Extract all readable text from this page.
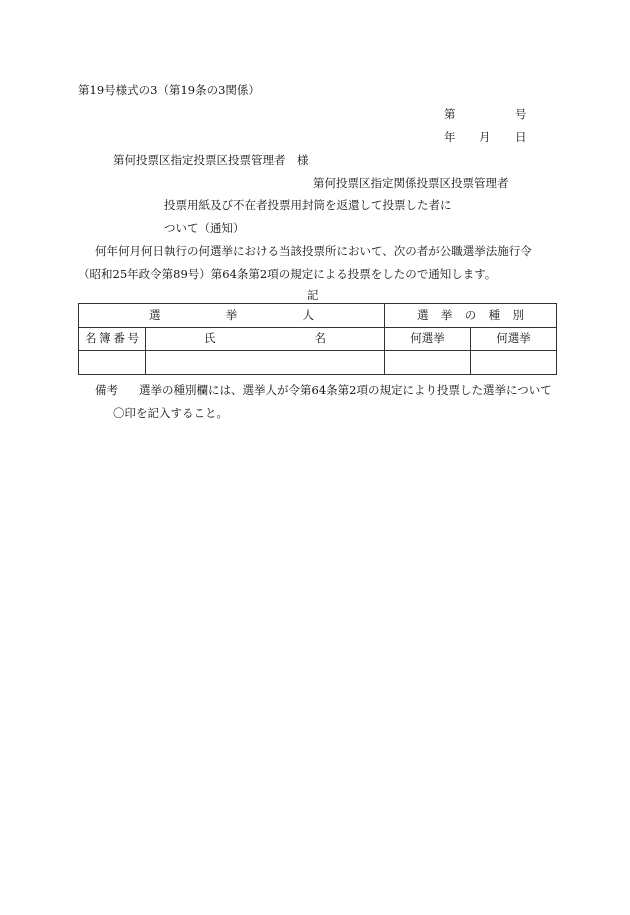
第19号様式の3（第19条の3関係）
第	号
年 月 日
第何投票区指定投票区投票管理者　様
第何投票区指定関係投票区投票管理者
投票用紙及び不在者投票用封筒を返還して投票した者に
ついて（通知）
何年何月何日執行の何選挙における当該投票所において、次の者が公職選挙法施行令
（昭和25年政令第89号）第64条第2項の規定による投票をしたので通知します。
記
選 挙 人		選 挙 の 種 別	

名 簿 番 号	氏 名	何選挙	何選挙

備考 選挙の種別欄には、選挙人が令第64条第2項の規定により投票した選挙について
〇印を記入すること。
